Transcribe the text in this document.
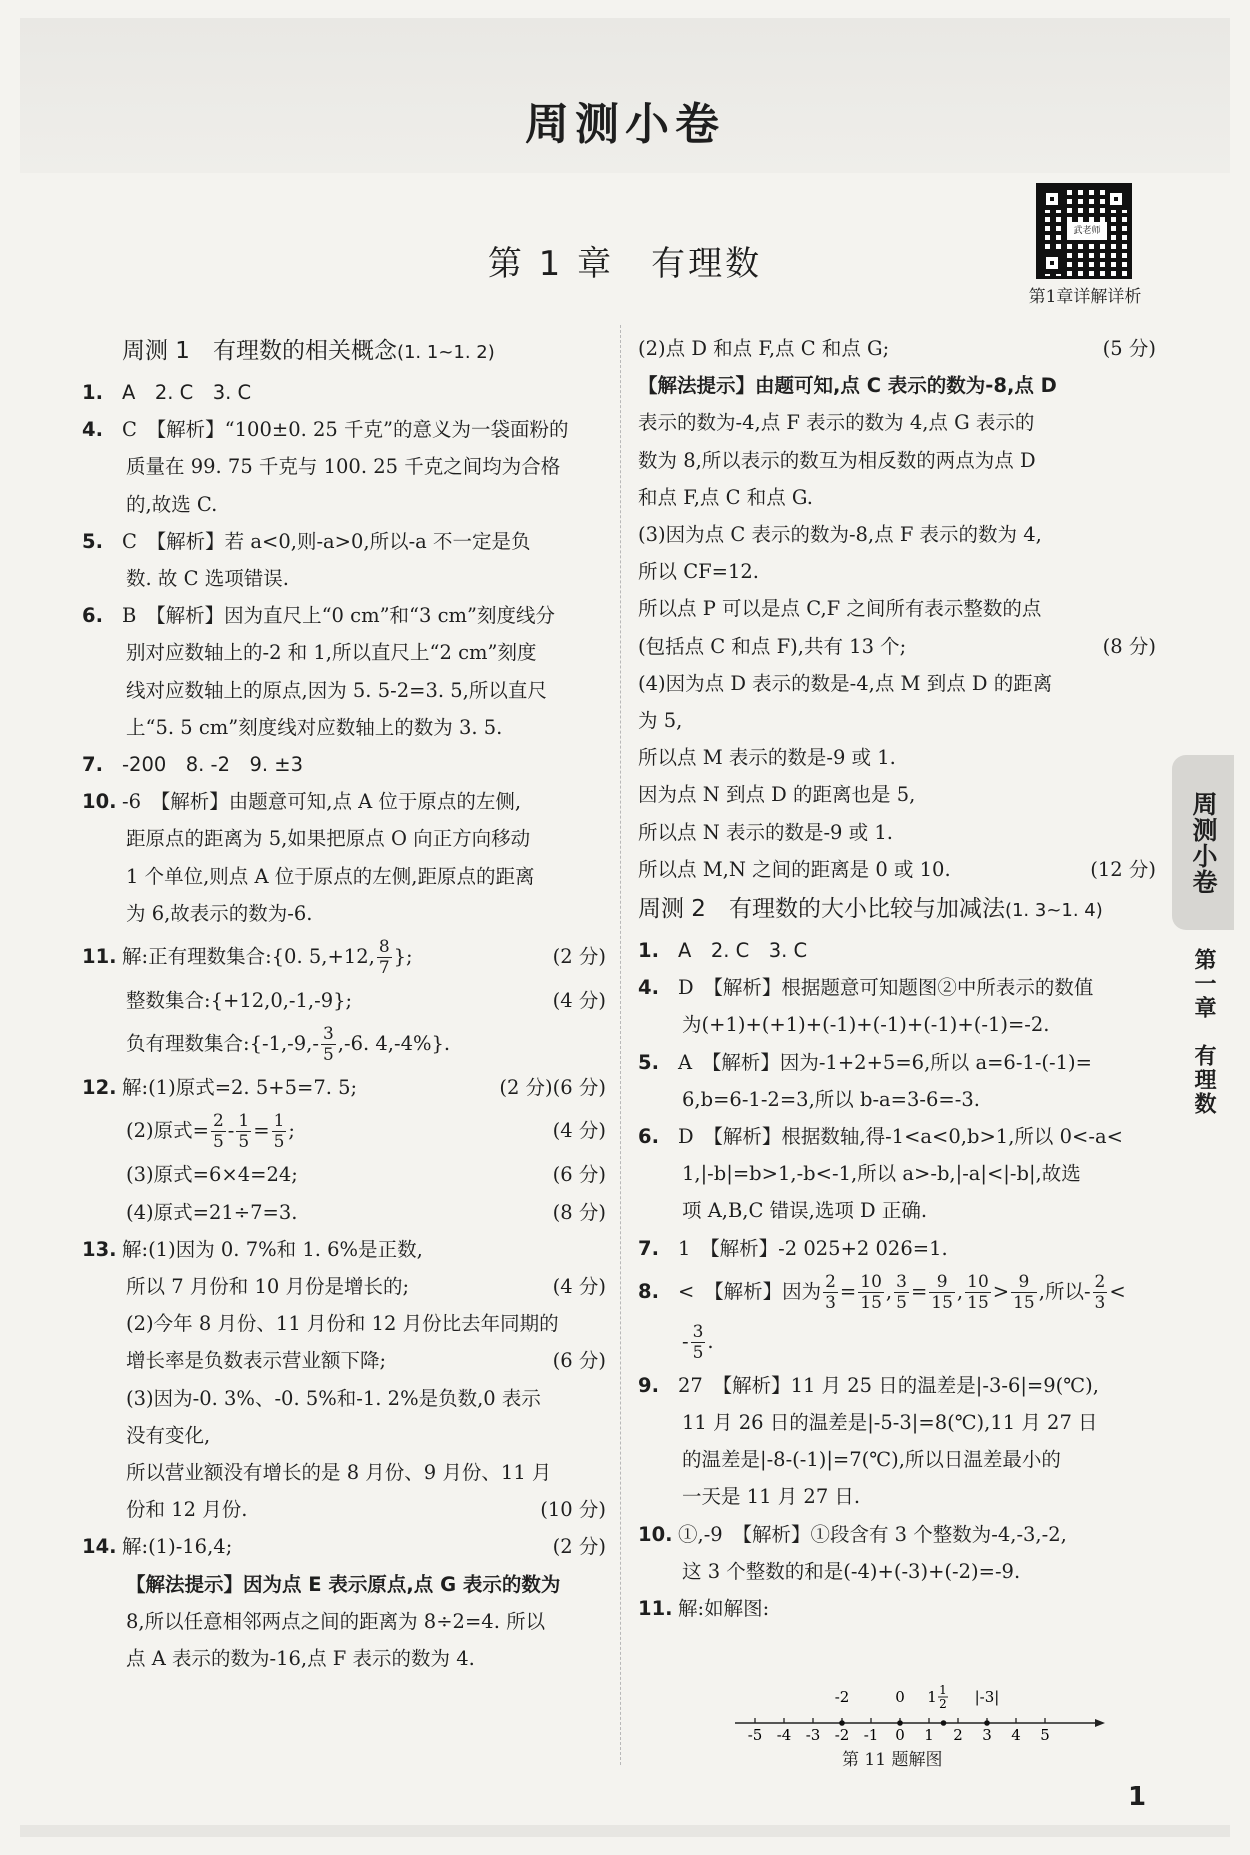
周测小卷
第 1 章　有理数
武老师
第1章详解详析
周测 1　有理数的相关概念(1. 1~1. 2)
1. A　2. C　3. C
4. C　【解析】“100±0. 25 千克”的意义为一袋面粉的
质量在 99. 75 千克与 100. 25 千克之间均为合格
的,故选 C.
5. C　【解析】若 a<0,则-a>0,所以-a 不一定是负
数. 故 C 选项错误.
6. B　【解析】因为直尺上“0 cm”和“3 cm”刻度线分
别对应数轴上的-2 和 1,所以直尺上“2 cm”刻度
线对应数轴上的原点,因为 5. 5-2=3. 5,所以直尺
上“5. 5 cm”刻度线对应数轴上的数为 3. 5.
7. -200　8. -2　9. ±3
10. -6　【解析】由题意可知,点 A 位于原点的左侧,
距原点的距离为 5,如果把原点 O 向正方向移动
1 个单位,则点 A 位于原点的左侧,距原点的距离
为 6,故表示的数为-6.
11. 解:正有理数集合:{0. 5,+12, $\frac{8}{7}$ };	(2 分)
整数集合:{+12,0,-1,-9};	(4 分)
负有理数集合:{-1,-9,- $\frac{3}{5} ,-6$. 4,-4%}.
(6 分)
12. 解:(1)原式=2. 5+5=7. 5;	(2 分)
(2)原式= $\frac{2}{5} - \frac{1}{5} = \frac{1}{5}$ ;	(4 分)
(3)原式=6×4=24;	(6 分)
(4)原式=21÷7=3.	(8 分)
13. 解:(1)因为 0. 7%和 1. 6%是正数,
所以 7 月份和 10 月份是增长的;	(4 分)
(2)今年 8 月份、11 月份和 12 月份比去年同期的
增长率是负数表示营业额下降;	(6 分)
(3)因为-0. 3%、-0. 5%和-1. 2%是负数,0 表示
没有变化,
所以营业额没有增长的是 8 月份、9 月份、11 月
份和 12 月份.	(10 分)
14. 解:(1)-16,4;	(2 分)
【解法提示】因为点 E 表示原点,点 G 表示的数为
8,所以任意相邻两点之间的距离为 8÷2=4. 所以
点 A 表示的数为-16,点 F 表示的数为 4.
(2)点 D 和点 F,点 C 和点 G;	(5 分)
【解法提示】由题可知,点 C 表示的数为-8,点 D
表示的数为-4,点 F 表示的数为 4,点 G 表示的
数为 8,所以表示的数互为相反数的两点为点 D
和点 F,点 C 和点 G.
(3)因为点 C 表示的数为-8,点 F 表示的数为 4,
所以 CF=12.
所以点 P 可以是点 C,F 之间所有表示整数的点
(包括点 C 和点 F),共有 13 个;	(8 分)
(4)因为点 D 表示的数是-4,点 M 到点 D 的距离
为 5,
所以点 M 表示的数是-9 或 1.
因为点 N 到点 D 的距离也是 5,
所以点 N 表示的数是-9 或 1.
所以点 M,N 之间的距离是 0 或 10.	(12 分)
周测 2　有理数的大小比较与加减法(1. 3~1. 4)
1. A　2. C　3. C
4. D　【解析】根据题意可知题图②中所表示的数值
为(+1)+(+1)+(-1)+(-1)+(-1)+(-1)=-2.
5. A　【解析】因为-1+2+5=6,所以 a=6-1-(-1)=
6,b=6-1-2=3,所以 b-a=3-6=-3.
6. D　【解析】根据数轴,得-1<a<0,b>1,所以 0<-a<
1,|-b|=b>1,-b<-1,所以 a>-b,|-a|<|-b|,故选
项 A,B,C 错误,选项 D 正确.
7. 1　【解析】-2 025+2 026=1.
8. <　【解析】因为 $\frac{2}{3} = \frac{10}{15}$ , $\frac{3}{5} = \frac{9}{15}$ , $\frac{10}{15} > \frac{9}{15}$ ,所以- $\frac{2}{3}$ <
- $\frac{3}{5}$ .
9. 27　【解析】11 月 25 日的温差是|-3-6|=9(℃),
11 月 26 日的温差是|-5-3|=8(℃),11 月 27 日
的温差是|-8-(-1)|=7(℃),所以日温差最小的
一天是 11 月 27 日.
10. ①,-9　【解析】①段含有 3 个整数为-4,-3,-2,
这 3 个整数的和是(-4)+(-3)+(-2)=-9.
11. 解:如解图:
-2	0 1 1
2 |-3|
-5 -4 -3 -2 -1 0 1 2 3 4 5
第 11 题解图
周测小卷
第一章　有理数
1
